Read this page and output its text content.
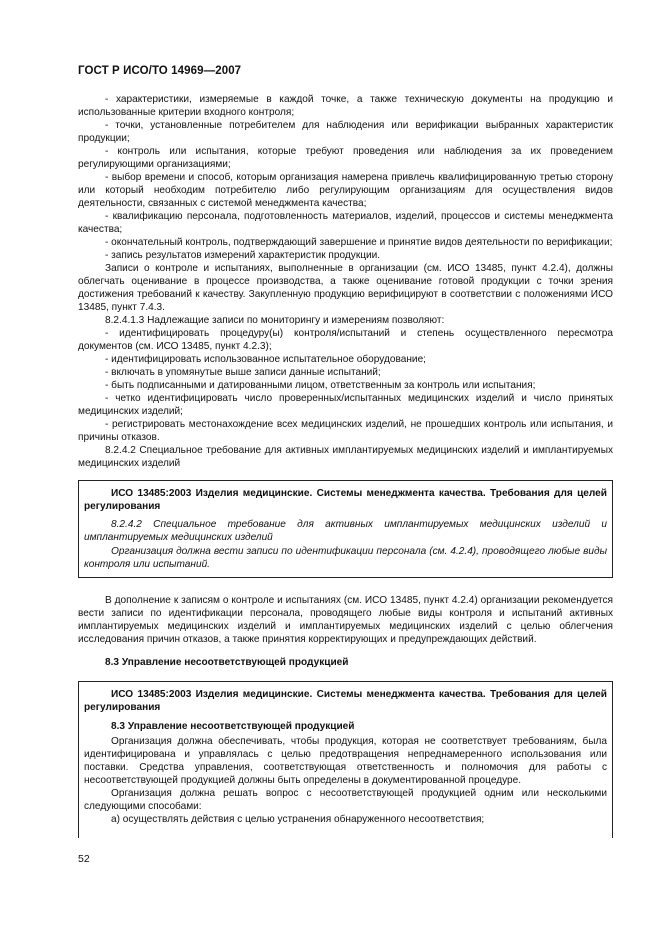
ГОСТ Р ИСО/ТО 14969—2007

- характеристики, измеряемые в каждой точке, а также техническую документы на продукцию и использованные критерии входного контроля;

- точки, установленные потребителем для наблюдения или верификации выбранных характеристик продукции;

- контроль или испытания, которые требуют проведения или наблюдения за их проведением регулирующими организациями;

- выбор времени и способ, которым организация намерена привлечь квалифицированную третью сторону или который необходим потребителю либо регулирующим организациям для осуществления видов деятельности, связанных с системой менеджмента качества;

- квалификацию персонала, подготовленность материалов, изделий, процессов и системы менеджмента качества;

- окончательный контроль, подтверждающий завершение и принятие видов деятельности по верификации;

- запись результатов измерений характеристик продукции.

Записи о контроле и испытаниях, выполненные в организации (см. ИСО 13485, пункт 4.2.4), должны облегчать оценивание в процессе производства, а также оценивание готовой продукции с точки зрения достижения требований к качеству. Закупленную продукцию верифицируют в соответствии с положениями ИСО 13485, пункт 7.4.3.

8.2.4.1.3 Надлежащие записи по мониторингу и измерениям позволяют:

- идентифицировать процедуру(ы) контроля/испытаний и степень осуществленного пересмотра документов (см. ИСО 13485, пункт 4.2.3);

- идентифицировать использованное испытательное оборудование;

- включать в упомянутые выше записи данные испытаний;

- быть подписанными и датированными лицом, ответственным за контроль или испытания;

- четко идентифицировать число проверенных/испытанных медицинских изделий и число принятых медицинских изделий;

- регистрировать местонахождение всех медицинских изделий, не прошедших контроль или испытания, и причины отказов.

8.2.4.2 Специальное требование для активных имплантируемых медицинских изделий и имплантируемых медицинских изделий

ИСО 13485:2003 Изделия медицинские. Системы менеджмента качества. Требования для целей регулирования

8.2.4.2 Специальное требование для активных имплантируемых медицинских изделий и имплантируемых медицинских изделий

Организация должна вести записи по идентификации персонала (см. 4.2.4), проводящего любые виды контроля или испытаний.

В дополнение к записям о контроле и испытаниях (см. ИСО 13485, пункт 4.2.4) организации рекомендуется вести записи по идентификации персонала, проводящего любые виды контроля и испытаний активных имплантируемых медицинских изделий и имплантируемых медицинских изделий с целью облегчения исследования причин отказов, а также принятия корректирующих и предупреждающих действий.

8.3 Управление несоответствующей продукцией

ИСО 13485:2003 Изделия медицинские. Системы менеджмента качества. Требования для целей регулирования

8.3 Управление несоответствующей продукцией

Организация должна обеспечивать, чтобы продукция, которая не соответствует требованиям, была идентифицирована и управлялась с целью предотвращения непреднамеренного использования или поставки. Средства управления, соответствующая ответственность и полномочия для работы с несоответствующей продукцией должны быть определены в документированной процедуре.

Организация должна решать вопрос с несоответствующей продукцией одним или несколькими следующими способами:

а) осуществлять действия с целью устранения обнаруженного несоответствия;

52
